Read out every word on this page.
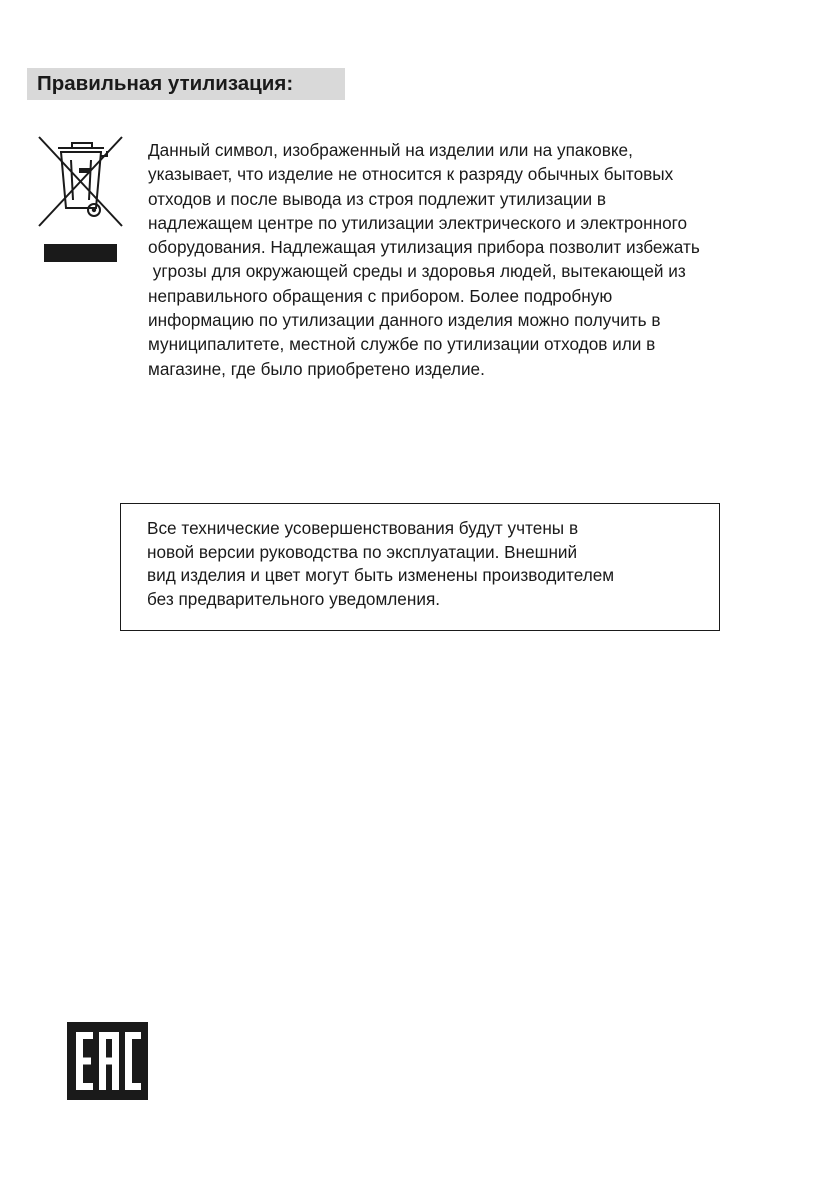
Правильная утилизация:
Данный символ, изображенный на изделии или на упаковке,
указывает, что изделие не относится к разряду обычных бытовых
отходов и после вывода из строя подлежит утилизации в
надлежащем центре по утилизации электрического и электронного
оборудования. Надлежащая утилизация прибора позволит избежать
угрозы для окружающей среды и здоровья людей, вытекающей из
неправильного обращения с прибором. Более подробную
информацию по утилизации данного изделия можно получить в
муниципалитете, местной службе по утилизации отходов или в
магазине, где было приобретено изделие.
Все технические усовершенствования будут учтены в
новой версии руководства по эксплуатации. Внешний
вид изделия и цвет могут быть изменены производителем
без предварительного уведомления.
